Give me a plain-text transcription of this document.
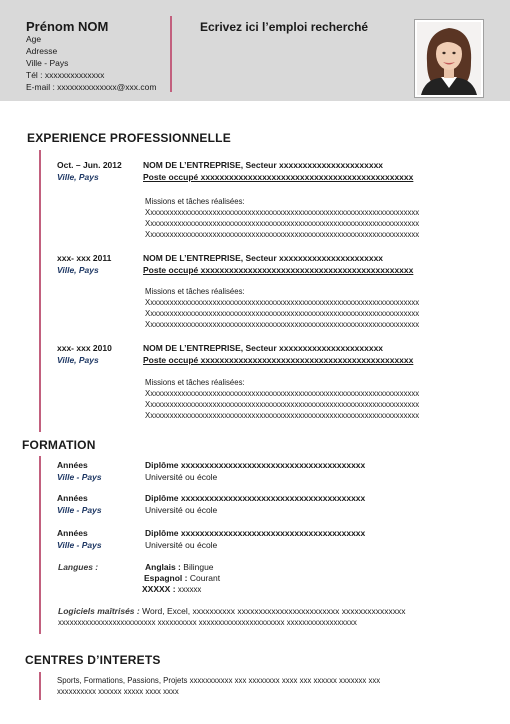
Prénom NOM
Age
Adresse
Ville - Pays
Tél : xxxxxxxxxxxxxx
E-mail : xxxxxxxxxxxxxx@xxx.com
Ecrivez ici l’emploi recherché
EXPERIENCE PROFESSIONNELLE
Oct. – Jun. 2012	NOM DE L’ENTREPRISE, Secteur xxxxxxxxxxxxxxxxxxxxxx
Ville, Pays	Poste occupé xxxxxxxxxxxxxxxxxxxxxxxxxxxxxxxxxxxxxxxxxxxxx
Missions et tâches réalisées:
Xxxxxxxxxxxxxxxxxxxxxxxxxxxxxxxxxxxxxxxxxxxxxxxxxxxxxxxxxxxxxxxxxxxxxx
Xxxxxxxxxxxxxxxxxxxxxxxxxxxxxxxxxxxxxxxxxxxxxxxxxxxxxxxxxxxxxxxxxxxxxx
Xxxxxxxxxxxxxxxxxxxxxxxxxxxxxxxxxxxxxxxxxxxxxxxxxxxxxxxxxxxxxxxxxxxxxx
xxx- xxx 2011	NOM DE L’ENTREPRISE, Secteur xxxxxxxxxxxxxxxxxxxxxx
Ville, Pays	Poste occupé xxxxxxxxxxxxxxxxxxxxxxxxxxxxxxxxxxxxxxxxxxxxx
Missions et tâches réalisées:
Xxxxxxxxxxxxxxxxxxxxxxxxxxxxxxxxxxxxxxxxxxxxxxxxxxxxxxxxxxxxxxxxxxxxxx
Xxxxxxxxxxxxxxxxxxxxxxxxxxxxxxxxxxxxxxxxxxxxxxxxxxxxxxxxxxxxxxxxxxxxxx
Xxxxxxxxxxxxxxxxxxxxxxxxxxxxxxxxxxxxxxxxxxxxxxxxxxxxxxxxxxxxxxxxxxxxxx
xxx- xxx 2010	NOM DE L’ENTREPRISE, Secteur xxxxxxxxxxxxxxxxxxxxxx
Ville, Pays	Poste occupé xxxxxxxxxxxxxxxxxxxxxxxxxxxxxxxxxxxxxxxxxxxxx
Missions et tâches réalisées:
Xxxxxxxxxxxxxxxxxxxxxxxxxxxxxxxxxxxxxxxxxxxxxxxxxxxxxxxxxxxxxxxxxxxxxx
Xxxxxxxxxxxxxxxxxxxxxxxxxxxxxxxxxxxxxxxxxxxxxxxxxxxxxxxxxxxxxxxxxxxxxx
Xxxxxxxxxxxxxxxxxxxxxxxxxxxxxxxxxxxxxxxxxxxxxxxxxxxxxxxxxxxxxxxxxxxxxx
FORMATION
Années	Diplôme xxxxxxxxxxxxxxxxxxxxxxxxxxxxxxxxxxxxxxx
Ville - Pays	Université ou école
Années	Diplôme xxxxxxxxxxxxxxxxxxxxxxxxxxxxxxxxxxxxxxx
Ville - Pays	Université ou école
Années	Diplôme xxxxxxxxxxxxxxxxxxxxxxxxxxxxxxxxxxxxxxx
Ville - Pays	Université ou école
Langues :	Anglais : Bilingue
Espagnol : Courant
XXXXX : xxxxxx
Logiciels maîtrisés : Word, Excel, xxxxxxxxxx xxxxxxxxxxxxxxxxxxxxxxxx xxxxxxxxxxxxxxx
xxxxxxxxxxxxxxxxxxxxxxxxx xxxxxxxxxx xxxxxxxxxxxxxxxxxxxxxx xxxxxxxxxxxxxxxxxx
CENTRES D’INTERETS
Sports, Formations, Passions, Projets xxxxxxxxxxx xxx xxxxxxxx xxxx xxx xxxxxx xxxxxxx xxx
xxxxxxxxxx xxxxxx xxxxx xxxx xxxx
